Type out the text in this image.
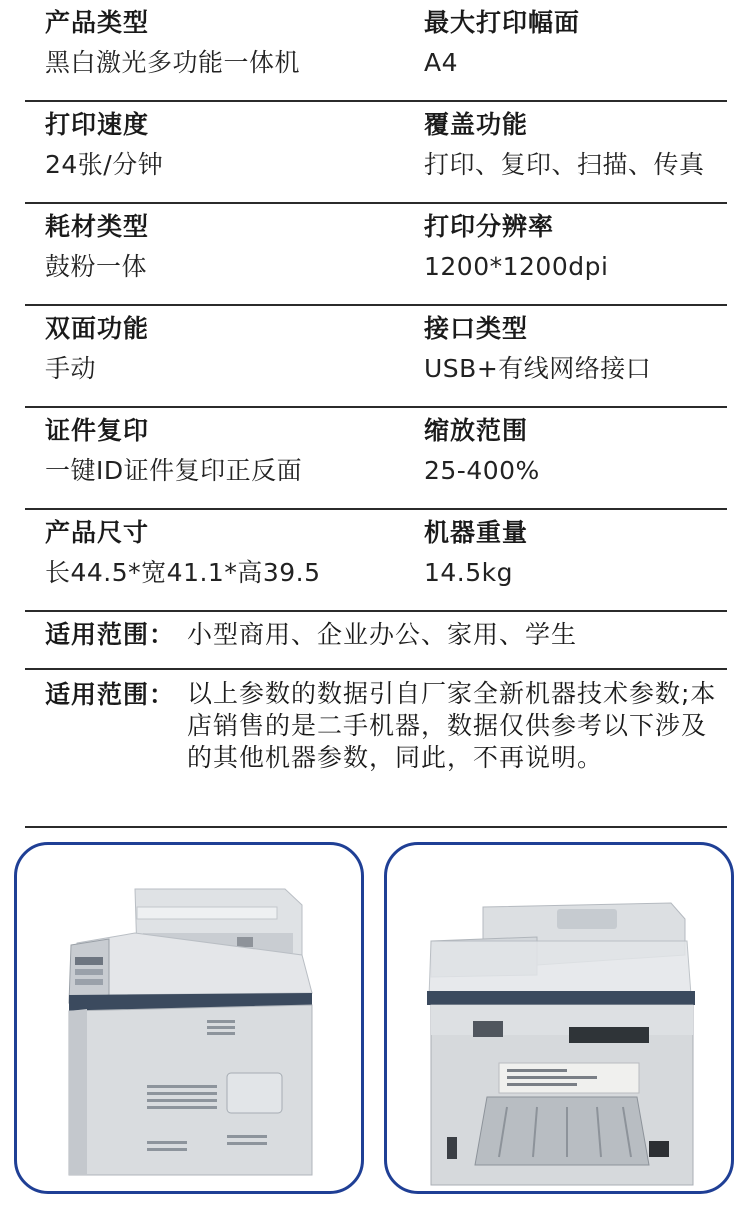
产品类型
黑白激光多功能一体机
最大打印幅面
A4
打印速度
24张/分钟
覆盖功能
打印、复印、扫描、传真
耗材类型
鼓粉一体
打印分辨率
1200*1200dpi
双面功能
手动
接口类型
USB+有线网络接口
证件复印
一键ID证件复印正反面
缩放范围
25-400%
产品尺寸
长44.5*宽41.1*高39.5
机器重量
14.5kg
适用范围： 小型商用、企业办公、家用、学生
适用范围： 以上参数的数据引自厂家全新机器技术参数;本店销售的是二手机器，数据仅供参考以下涉及的其他机器参数，同此，不再说明。
